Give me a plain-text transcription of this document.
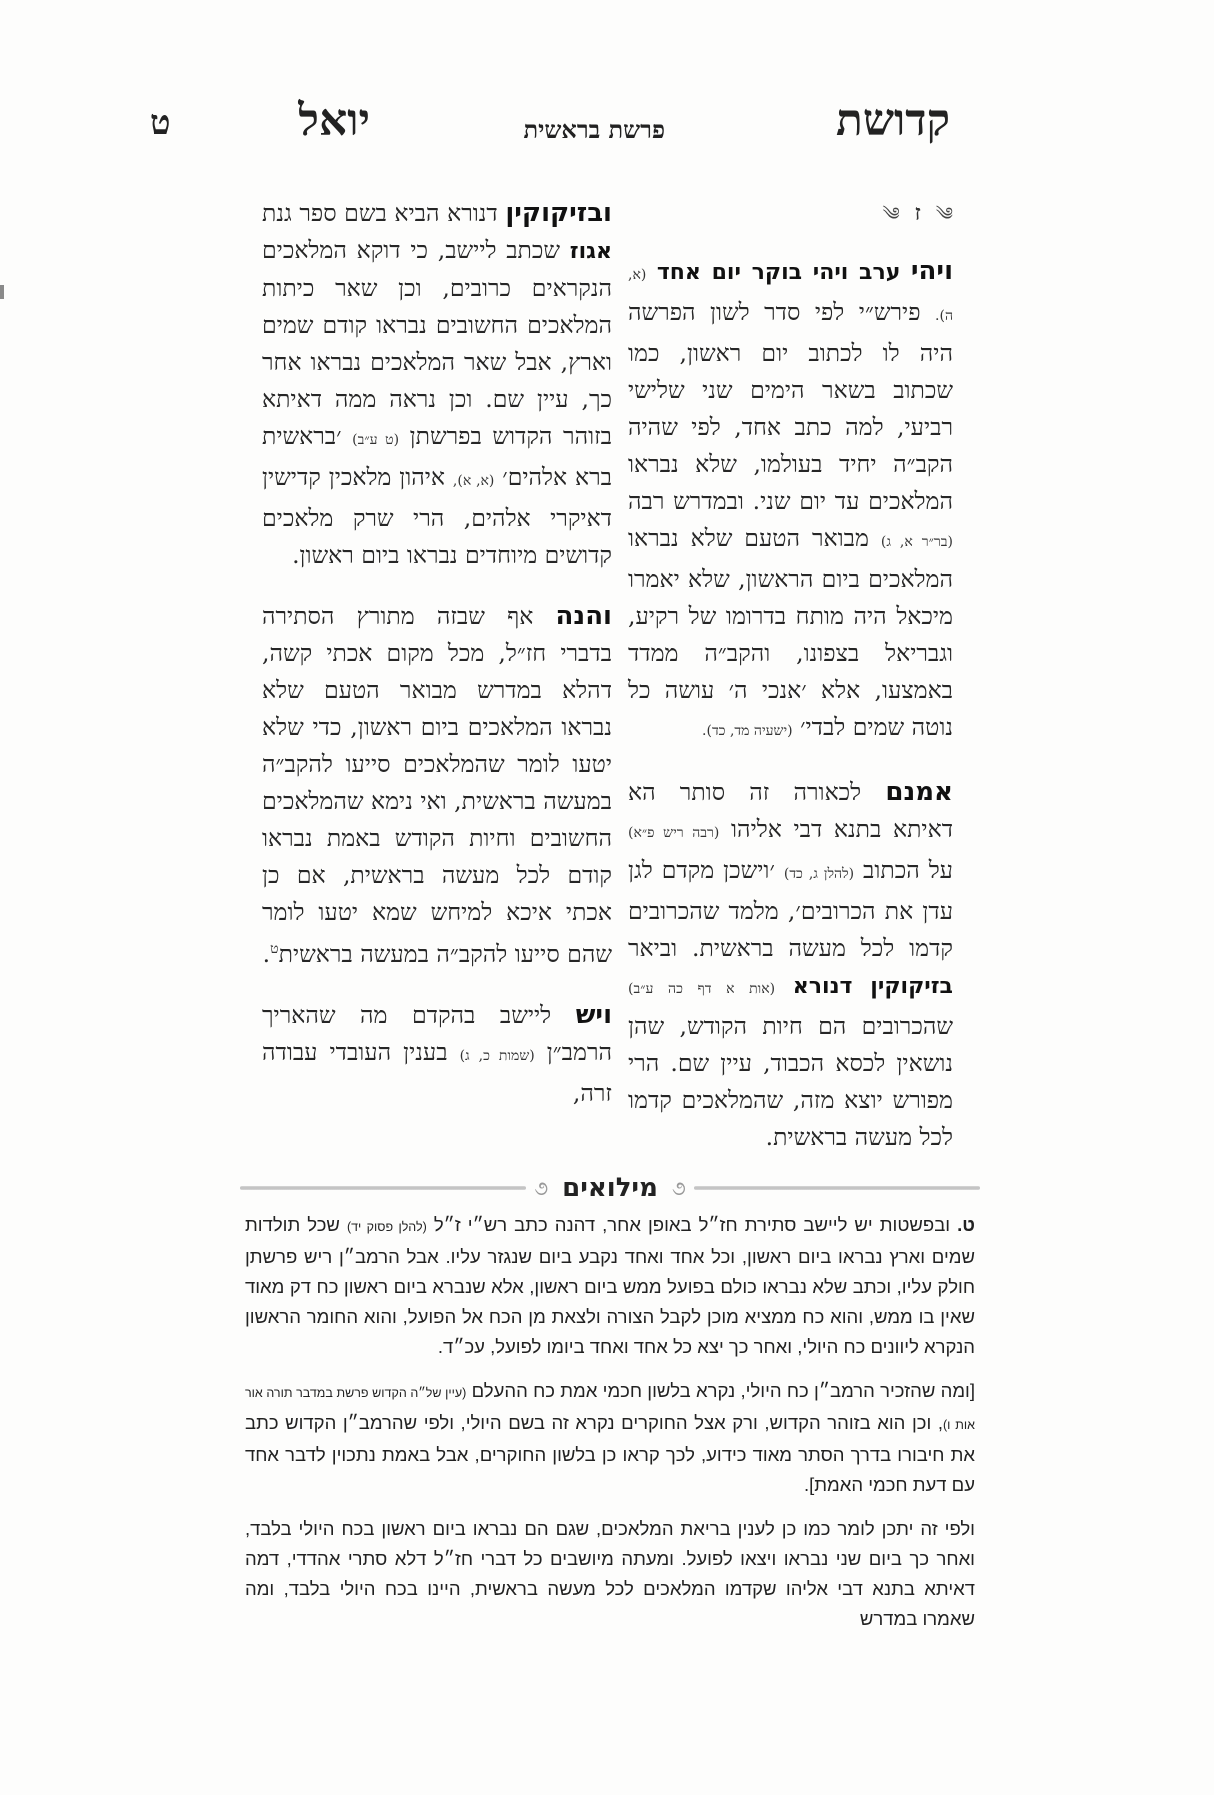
קדושת
פרשת בראשית
יואל
ט
༄ ז ༄

ויהי ערב ויהי בוקר יום אחד (א, ה). פירש״י לפי סדר לשון הפרשה היה לו לכתוב יום ראשון, כמו שכתוב בשאר הימים שני שלישי רביעי, למה כתב אחד, לפי שהיה הקב״ה יחיד בעולמו, שלא נבראו המלאכים עד יום שני. ובמדרש רבה (בר״ר א, ג) מבואר הטעם שלא נבראו המלאכים ביום הראשון, שלא יאמרו מיכאל היה מותח בדרומו של רקיע, וגבריאל בצפונו, והקב״ה ממדד באמצעו, אלא ׳אנכי ה׳ עושה כל נוטה שמים לבדי׳ (ישעיה מד, כד).

אמנם לכאורה זה סותר הא דאיתא בתנא דבי אליהו (רבה ריש פ״א) על הכתוב (להלן ג, כד) ׳וישכן מקדם לגן עדן את הכרובים׳, מלמד שהכרובים קדמו לכל מעשה בראשית. וביאר בזיקוקין דנורא (אות א דף כה ע״ב) שהכרובים הם חיות הקודש, שהן נושאין לכסא הכבוד, עיין שם. הרי מפורש יוצא מזה, שהמלאכים קדמו לכל מעשה בראשית.

ובזיקוקין דנורא הביא בשם ספר גנת אגוז שכתב ליישב, כי דוקא המלאכים הנקראים כרובים, וכן שאר כיתות המלאכים החשובים נבראו קודם שמים וארץ, אבל שאר המלאכים נבראו אחר כך, עיין שם. וכן נראה ממה דאיתא בזוהר הקדוש בפרשתן (ט ע״ב) ׳בראשית ברא אלהים׳ (א, א), איהון מלאכין קדישין דאיקרי אלהים, הרי שרק מלאכים קדושים מיוחדים נבראו ביום ראשון.

והנה אף שבזה מתורץ הסתירה בדברי חז״ל, מכל מקום אכתי קשה, דהלא במדרש מבואר הטעם שלא נבראו המלאכים ביום ראשון, כדי שלא יטעו לומר שהמלאכים סייעו להקב״ה במעשה בראשית, ואי נימא שהמלאכים החשובים וחיות הקודש באמת נבראו קודם לכל מעשה בראשית, אם כן אכתי איכא למיחש שמא יטעו לומר שהם סייעו להקב״ה במעשה בראשית$^ט$.

ויש ליישב בהקדם מה שהאריך הרמב״ן (שמות כ, ג) בענין העובדי עבודה זרה,

૭
מילואים
૭

ט. ובפשטות יש ליישב סתירת חז״ל באופן אחר, דהנה כתב רש״י ז״ל (להלן פסוק יד) שכל תולדות שמים וארץ נבראו ביום ראשון, וכל אחד ואחד נקבע ביום שנגזר עליו. אבל הרמב״ן ריש פרשתן חולק עליו, וכתב שלא נבראו כולם בפועל ממש ביום ראשון, אלא שנברא ביום ראשון כח דק מאוד שאין בו ממש, והוא כח ממציא מוכן לקבל הצורה ולצאת מן הכח אל הפועל, והוא החומר הראשון הנקרא ליוונים כח היולי, ואחר כך יצא כל אחד ואחד ביומו לפועל, עכ״ד.

[ומה שהזכיר הרמב״ן כח היולי, נקרא בלשון חכמי אמת כח ההעלם (עיין של״ה הקדוש פרשת במדבר תורה אור אות ו), וכן הוא בזוהר הקדוש, ורק אצל החוקרים נקרא זה בשם היולי, ולפי שהרמב״ן הקדוש כתב את חיבורו בדרך הסתר מאוד כידוע, לכך קראו כן בלשון החוקרים, אבל באמת נתכוין לדבר אחד עם דעת חכמי האמת].

ולפי זה יתכן לומר כמו כן לענין בריאת המלאכים, שגם הם נבראו ביום ראשון בכח היולי בלבד, ואחר כך ביום שני נבראו ויצאו לפועל. ומעתה מיושבים כל דברי חז״ל דלא סתרי אהדדי, דמה דאיתא בתנא דבי אליהו שקדמו המלאכים לכל מעשה בראשית, היינו בכח היולי בלבד, ומה שאמרו במדרש
